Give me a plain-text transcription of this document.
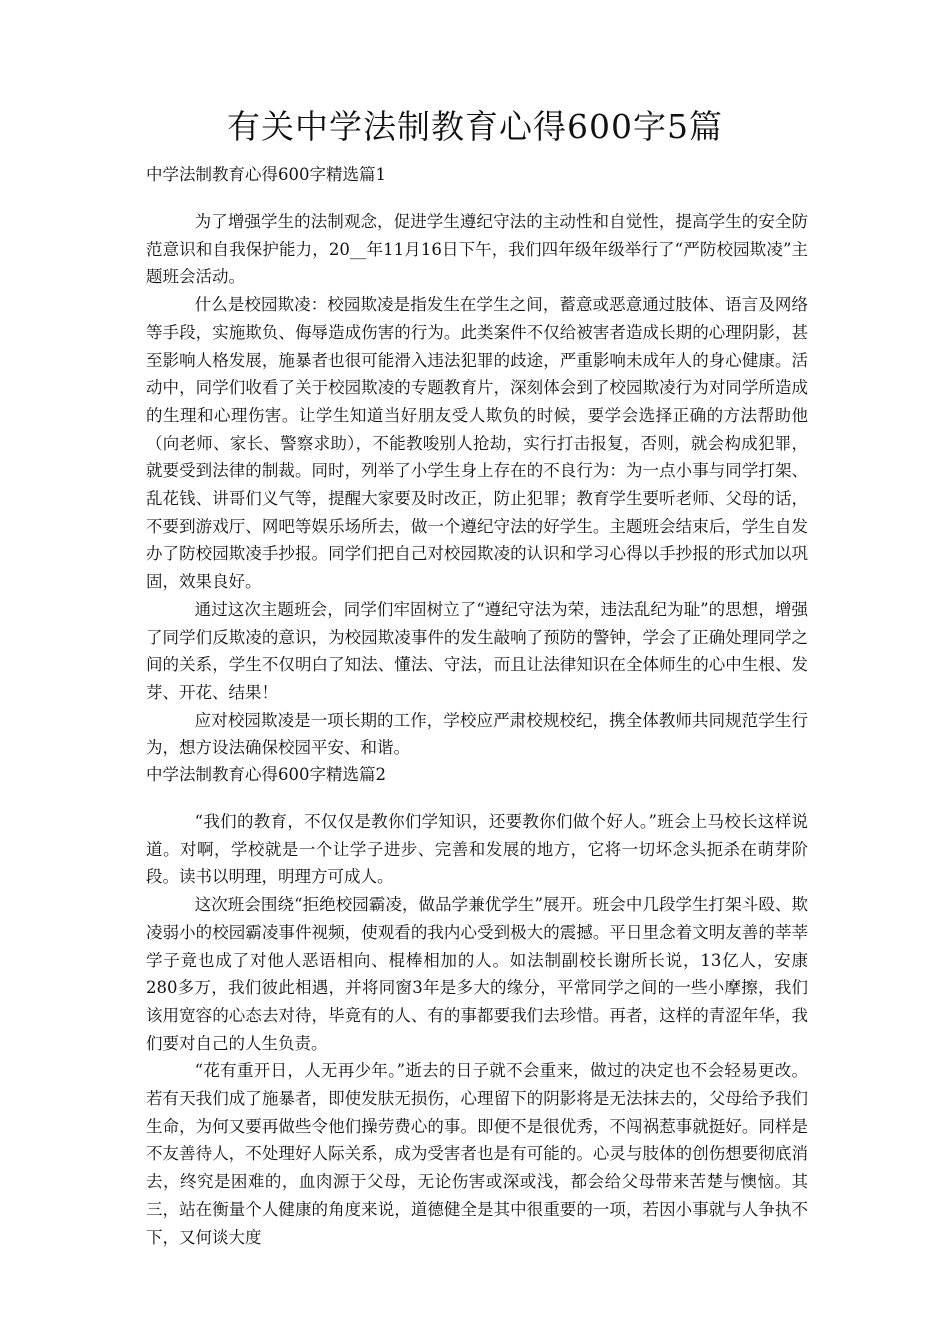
有关中学法制教育心得600字5篇
中学法制教育心得600字精选篇1

为了增强学生的法制观念，促进学生遵纪守法的主动性和自觉性，提高学生的安全防范意识和自我保护能力，20__年11月16日下午，我们四年级年级举行了“严防校园欺凌”主题班会活动。

什么是校园欺凌：校园欺凌是指发生在学生之间，蓄意或恶意通过肢体、语言及网络等手段，实施欺负、侮辱造成伤害的行为。此类案件不仅给被害者造成长期的心理阴影，甚至影响人格发展，施暴者也很可能滑入违法犯罪的歧途，严重影响未成年人的身心健康。活动中，同学们收看了关于校园欺凌的专题教育片，深刻体会到了校园欺凌行为对同学所造成的生理和心理伤害。让学生知道当好朋友受人欺负的时候，要学会选择正确的方法帮助他（向老师、家长、警察求助），不能教唆别人抢劫，实行打击报复，否则，就会构成犯罪，就要受到法律的制裁。同时，列举了小学生身上存在的不良行为：为一点小事与同学打架、乱花钱、讲哥们义气等，提醒大家要及时改正，防止犯罪；教育学生要听老师、父母的话，不要到游戏厅、网吧等娱乐场所去，做一个遵纪守法的好学生。主题班会结束后，学生自发办了防校园欺凌手抄报。同学们把自己对校园欺凌的认识和学习心得以手抄报的形式加以巩固，效果良好。

通过这次主题班会，同学们牢固树立了“遵纪守法为荣，违法乱纪为耻”的思想，增强了同学们反欺凌的意识，为校园欺凌事件的发生敲响了预防的警钟，学会了正确处理同学之间的关系，学生不仅明白了知法、懂法、守法，而且让法律知识在全体师生的心中生根、发芽、开花、结果！

应对校园欺凌是一项长期的工作，学校应严肃校规校纪，携全体教师共同规范学生行为，想方设法确保校园平安、和谐。

中学法制教育心得600字精选篇2

“我们的教育，不仅仅是教你们学知识，还要教你们做个好人。”班会上马校长这样说道。对啊，学校就是一个让学子进步、完善和发展的地方，它将一切坏念头扼杀在萌芽阶段。读书以明理，明理方可成人。

这次班会围绕“拒绝校园霸凌，做品学兼优学生”展开。班会中几段学生打架斗殴、欺凌弱小的校园霸凌事件视频，使观看的我内心受到极大的震撼。平日里念着文明友善的莘莘学子竟也成了对他人恶语相向、棍棒相加的人。如法制副校长谢所长说，13亿人，安康280多万，我们彼此相遇，并将同窗3年是多大的缘分，平常同学之间的一些小摩擦，我们该用宽容的心态去对待，毕竟有的人、有的事都要我们去珍惜。再者，这样的青涩年华，我们要对自己的人生负责。

“花有重开日，人无再少年。”逝去的日子就不会重来，做过的决定也不会轻易更改。若有天我们成了施暴者，即使发肤无损伤，心理留下的阴影将是无法抹去的，父母给予我们生命，为何又要再做些令他们操劳费心的事。即便不是很优秀，不闯祸惹事就挺好。同样是不友善待人，不处理好人际关系，成为受害者也是有可能的。心灵与肢体的创伤想要彻底消去，终究是困难的，血肉源于父母，无论伤害或深或浅，都会给父母带来苦楚与懊恼。其三，站在衡量个人健康的角度来说，道德健全是其中很重要的一项，若因小事就与人争执不下，又何谈大度
